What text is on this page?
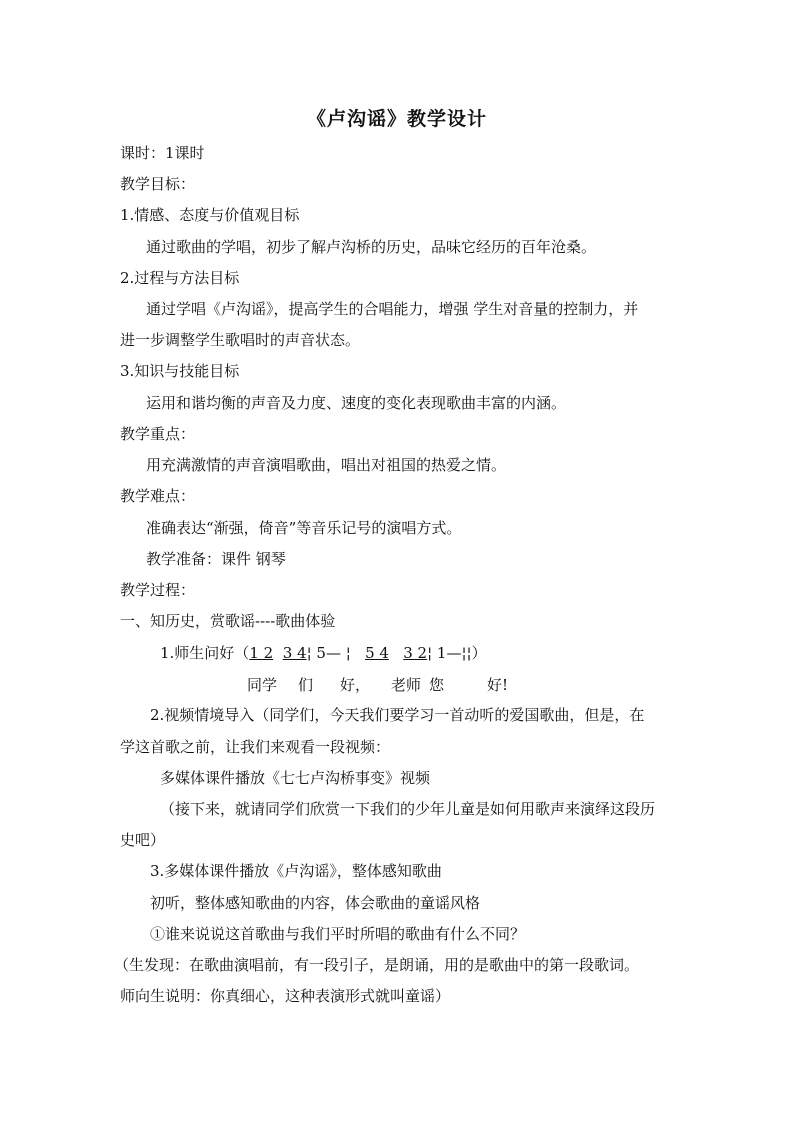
《卢沟谣》教学设计
课时：1课时
教学目标：
1.情感、态度与价值观目标
通过歌曲的学唱，初步了解卢沟桥的历史，品味它经历的百年沧桑。
2.过程与方法目标
通过学唱《卢沟谣》，提高学生的合唱能力，增强 学生对音量的控制力，并
进一步调整学生歌唱时的声音状态。
3.知识与技能目标
运用和谐均衡的声音及力度、速度的变化表现歌曲丰富的内涵。
教学重点：
用充满激情的声音演唱歌曲，唱出对祖国的热爱之情。
教学难点：
准确表达“渐强，倚音”等音乐记号的演唱方式。
教学准备：课件 钢琴
教学过程：
一、知历史，赏歌谣----歌曲体验
1.师生问好（1 2 3 4¦ 5— ¦ 5 4 3 2¦ 1—¦¦）
同学 们 好， 老师 您	好!
2.视频情境导入（同学们，今天我们要学习一首动听的爱国歌曲，但是，在
学这首歌之前，让我们来观看一段视频：
多媒体课件播放《七七卢沟桥事变》视频
（接下来，就请同学们欣赏一下我们的少年儿童是如何用歌声来演绎这段历
史吧）
3.多媒体课件播放《卢沟谣》，整体感知歌曲
初听，整体感知歌曲的内容，体会歌曲的童谣风格
①谁来说说这首歌曲与我们平时所唱的歌曲有什么不同？
（生发现：在歌曲演唱前，有一段引子，是朗诵，用的是歌曲中的第一段歌词。
师向生说明：你真细心，这种表演形式就叫童谣）
